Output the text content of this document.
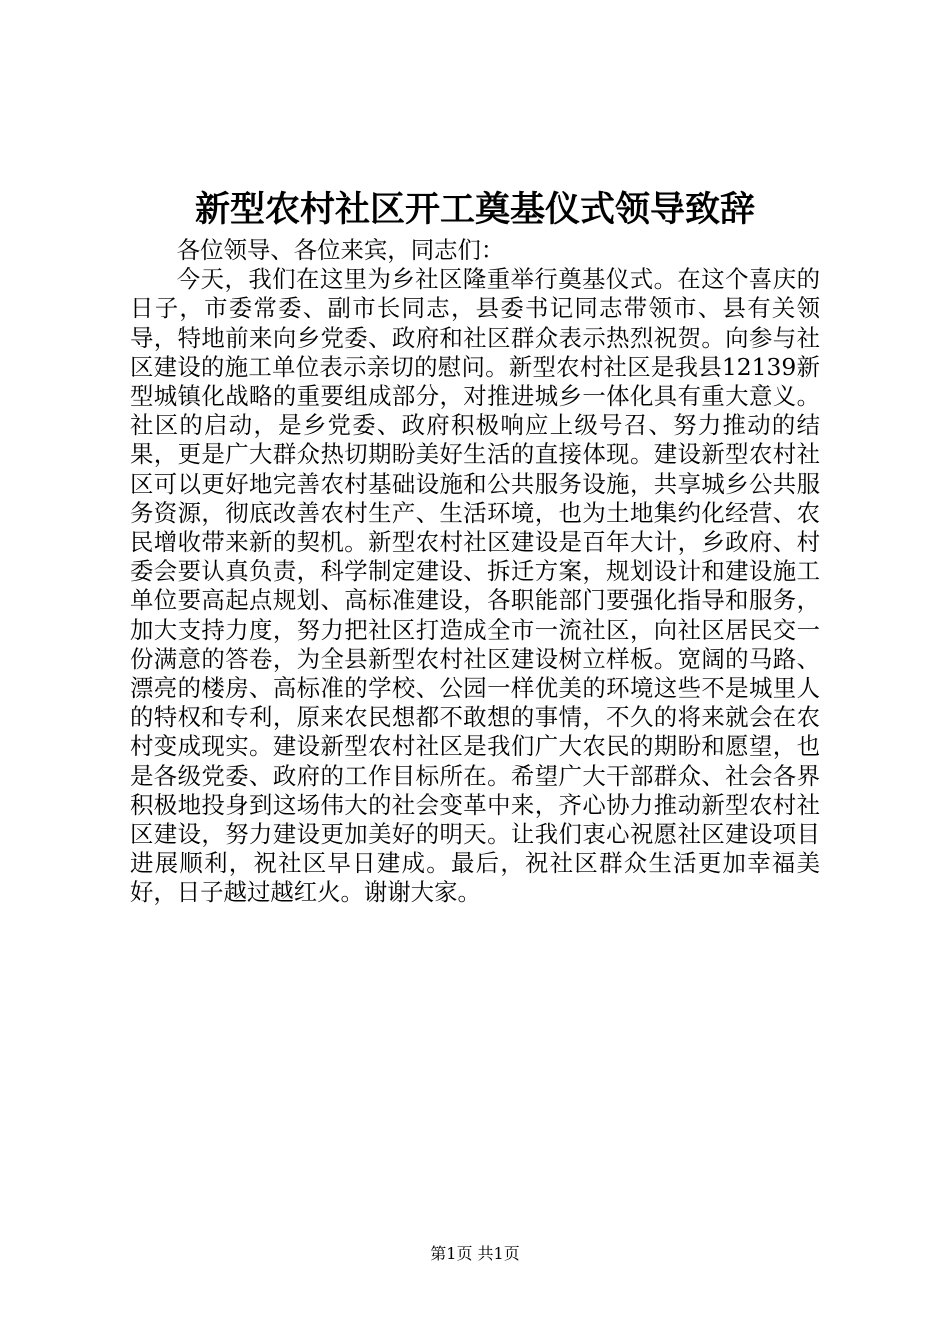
新型农村社区开工奠基仪式领导致辞

各位领导、各位来宾，同志们：

今天，我们在这里为乡社区隆重举行奠基仪式。在这个喜庆的日子，市委常委、副市长同志，县委书记同志带领市、县有关领导，特地前来向乡党委、政府和社区群众表示热烈祝贺。向参与社区建设的施工单位表示亲切的慰问。新型农村社区是我县12139新型城镇化战略的重要组成部分，对推进城乡一体化具有重大意义。社区的启动，是乡党委、政府积极响应上级号召、努力推动的结果，更是广大群众热切期盼美好生活的直接体现。建设新型农村社区可以更好地完善农村基础设施和公共服务设施，共享城乡公共服务资源，彻底改善农村生产、生活环境，也为土地集约化经营、农民增收带来新的契机。新型农村社区建设是百年大计，乡政府、村委会要认真负责，科学制定建设、拆迁方案，规划设计和建设施工单位要高起点规划、高标准建设，各职能部门要强化指导和服务，加大支持力度，努力把社区打造成全市一流社区，向社区居民交一份满意的答卷，为全县新型农村社区建设树立样板。宽阔的马路、漂亮的楼房、高标准的学校、公园一样优美的环境这些不是城里人的特权和专利，原来农民想都不敢想的事情，不久的将来就会在农村变成现实。建设新型农村社区是我们广大农民的期盼和愿望，也是各级党委、政府的工作目标所在。希望广大干部群众、社会各界积极地投身到这场伟大的社会变革中来，齐心协力推动新型农村社区建设，努力建设更加美好的明天。让我们衷心祝愿社区建设项目进展顺利，祝社区早日建成。最后，祝社区群众生活更加幸福美好，日子越过越红火。谢谢大家。

第1页 共1页
